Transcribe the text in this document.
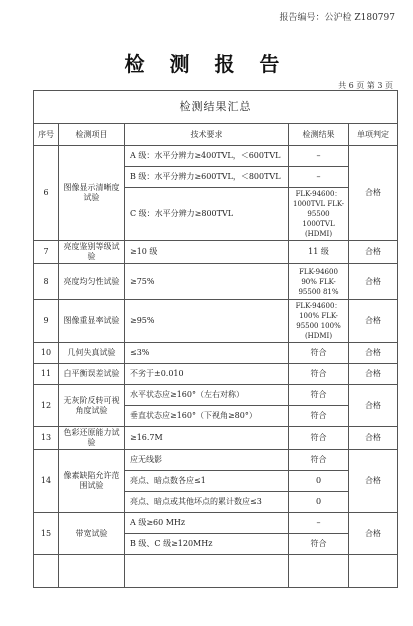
报告编号：公沪检 Z180797
检 测 报 告
共 6 页 第 3 页
检测结果汇总				
序号	检测项目	技术要求	检测结果	单项判定
6	图像显示清晰度试验	A 级：水平分辨力≥400TVL，＜600TVL	–	合格
		B 级：水平分辨力≥600TVL，＜800TVL	–	
		C 级：水平分辨力≥800TVL	FLK-94600：1000TVL FLK-95500 1000TVL (HDMI)	
7	亮度鉴别等级试验	≥10 级	11 级	合格
8	亮度均匀性试验	≥75%	FLK-94600 90% FLK-95500 81%	合格
9	图像重显率试验	≥95%	FLK-94600：100% FLK-95500 100% (HDMI)	合格
10	几何失真试验	≤3%	符合	合格
11	白平衡误差试验	不劣于±0.010	符合	合格
12	无灰阶反转可视角度试验	水平状态应≥160°（左右对称）	符合	合格
		垂直状态应≥160°（下视角≥80°）	符合	
13	色彩还原能力试验	≥16.7M	符合	合格
14	像素缺陷允许范围试验	应无线影	符合	合格
		亮点、暗点数各应≤1	0	
		亮点、暗点或其他坏点的累计数应≤3	0	
15	带宽试验	A 级≥60 MHz	–	合格
		B 级、C 级≥120MHz	符合	
